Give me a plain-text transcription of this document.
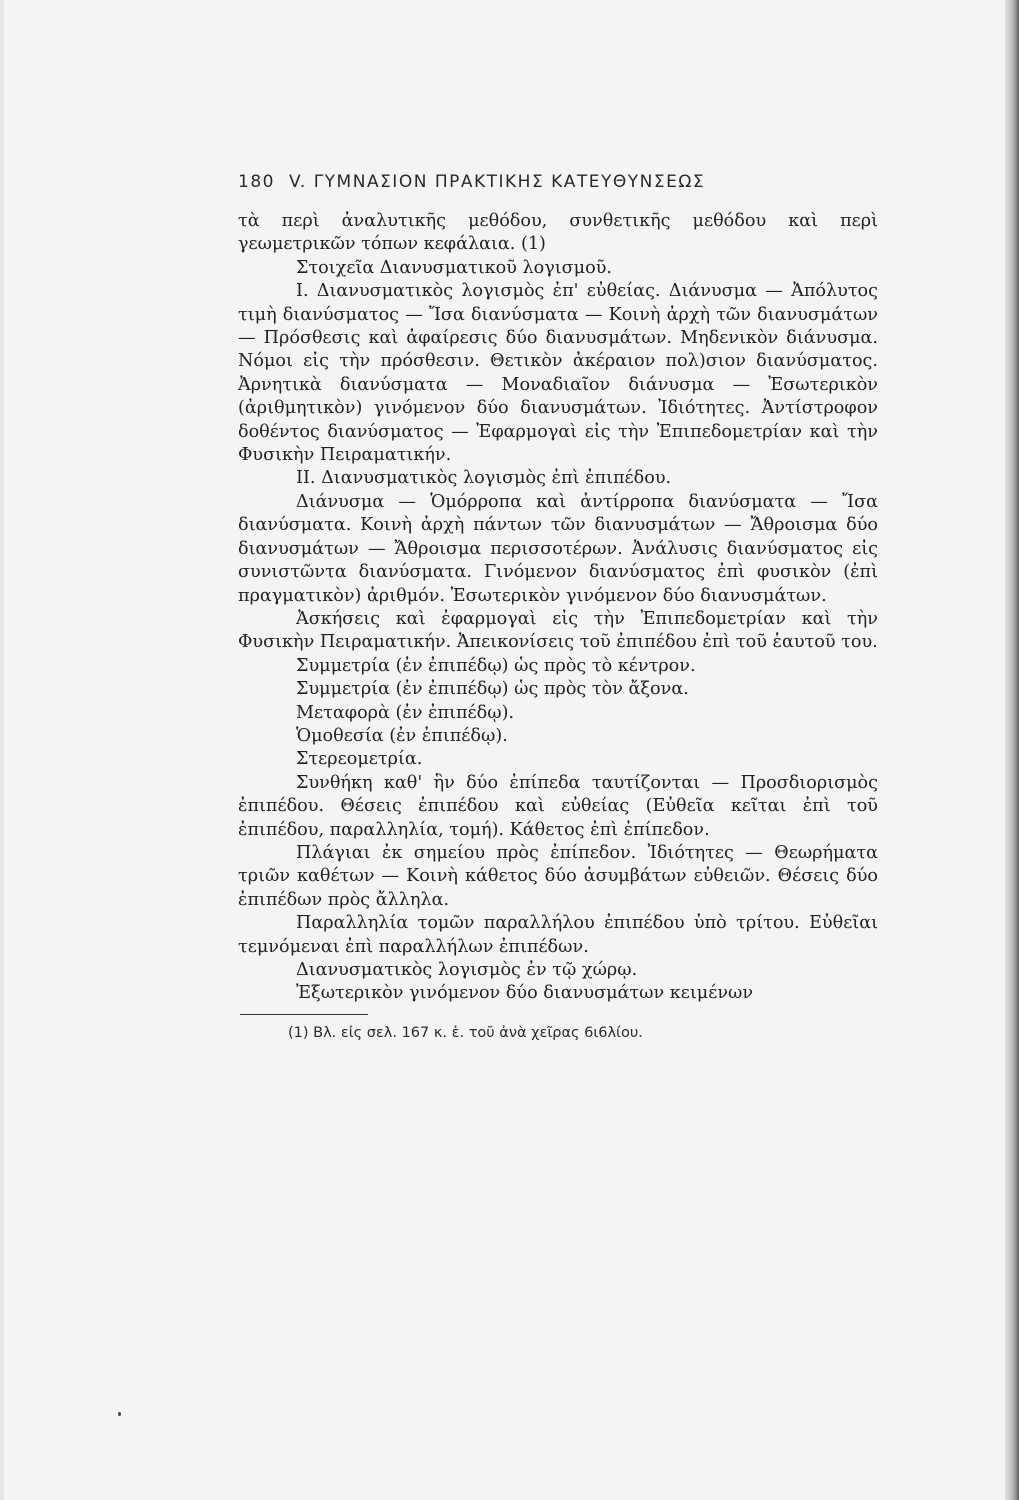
180 V. ΓΥΜΝΑΣΙΟΝ ΠΡΑΚΤΙΚΗΣ ΚΑΤΕΥΘΥΝΣΕΩΣ

τὰ περὶ ἀναλυτικῆς μεθόδου, συνθετικῆς μεθόδου καὶ περὶ γεωμετρικῶν τόπων κεφάλαια. (1)

Στοιχεῖα Διανυσματικοῦ λογισμοῦ.

I. Διανυσματικὸς λογισμὸς ἐπ' εὐθείας. Διάνυσμα — Ἀπόλυτος τιμὴ διανύσματος — Ἴσα διανύσματα — Κοινὴ ἀρχὴ τῶν διανυσμάτων — Πρόσθεσις καὶ ἀφαίρεσις δύο διανυσμάτων. Μηδενικὸν διάνυσμα. Νόμοι εἰς τὴν πρόσθεσιν. Θετικὸν ἀκέραιον πολ)σιον διανύσματος. Ἀρνητικὰ διανύσματα — Μοναδιαῖον διάνυσμα — Ἐσωτερικὸν (ἀριθμητικὸν) γινόμενον δύο διανυσμάτων. Ἰδιότητες. Ἀντίστροφον δοθέντος διανύσματος — Ἐφαρμογαὶ εἰς τὴν Ἐπιπεδομετρίαν καὶ τὴν Φυσικὴν Πειραματικήν.

II. Διανυσματικὸς λογισμὸς ἐπὶ ἐπιπέδου.

Διάνυσμα — Ὁμόρροπα καὶ ἀντίρροπα διανύσματα — Ἴσα διανύσματα. Κοινὴ ἀρχὴ πάντων τῶν διανυσμάτων — Ἄθροισμα δύο διανυσμάτων — Ἄθροισμα περισσοτέρων. Ἀνάλυσις διανύσματος εἰς συνιστῶντα διανύσματα. Γινόμενον διανύσματος ἐπὶ φυσικὸν (ἐπὶ πραγματικὸν) ἀριθμόν. Ἐσωτερικὸν γινόμενον δύο διανυσμάτων.

Ἀσκήσεις καὶ ἐφαρμογαὶ εἰς τὴν Ἐπιπεδομετρίαν καὶ τὴν Φυσικὴν Πειραματικήν. Ἀπεικονίσεις τοῦ ἐπιπέδου ἐπὶ τοῦ ἑαυτοῦ του.

Συμμετρία (ἐν ἐπιπέδῳ) ὡς πρὸς τὸ κέντρον.

Συμμετρία (ἐν ἐπιπέδῳ) ὡς πρὸς τὸν ἄξονα.

Μεταφορὰ (ἐν ἐπιπέδῳ).

Ὁμοθεσία (ἐν ἐπιπέδῳ).

Στερεομετρία.

Συνθήκη καθ' ἣν δύο ἐπίπεδα ταυτίζονται — Προσδιορισμὸς ἐπιπέδου. Θέσεις ἐπιπέδου καὶ εὐθείας (Εὐθεῖα κεῖται ἐπὶ τοῦ ἐπιπέδου, παραλληλία, τομή). Κάθετος ἐπὶ ἐπίπεδον.

Πλάγιαι ἐκ σημείου πρὸς ἐπίπεδον. Ἰδιότητες — Θεωρήματα τριῶν καθέτων — Κοινὴ κάθετος δύο ἀσυμβάτων εὐθειῶν. Θέσεις δύο ἐπιπέδων πρὸς ἄλληλα.

Παραλληλία τομῶν παραλλήλου ἐπιπέδου ὑπὸ τρίτου. Εὐθεῖαι τεμνόμεναι ἐπὶ παραλλήλων ἐπιπέδων.

Διανυσματικὸς λογισμὸς ἐν τῷ χώρῳ.

Ἐξωτερικὸν γινόμενον δύο διανυσμάτων κειμένων

(1) Βλ. εἰς σελ. 167 κ. ἑ. τοῦ ἀνὰ χεῖρας 6ι6λίου.
